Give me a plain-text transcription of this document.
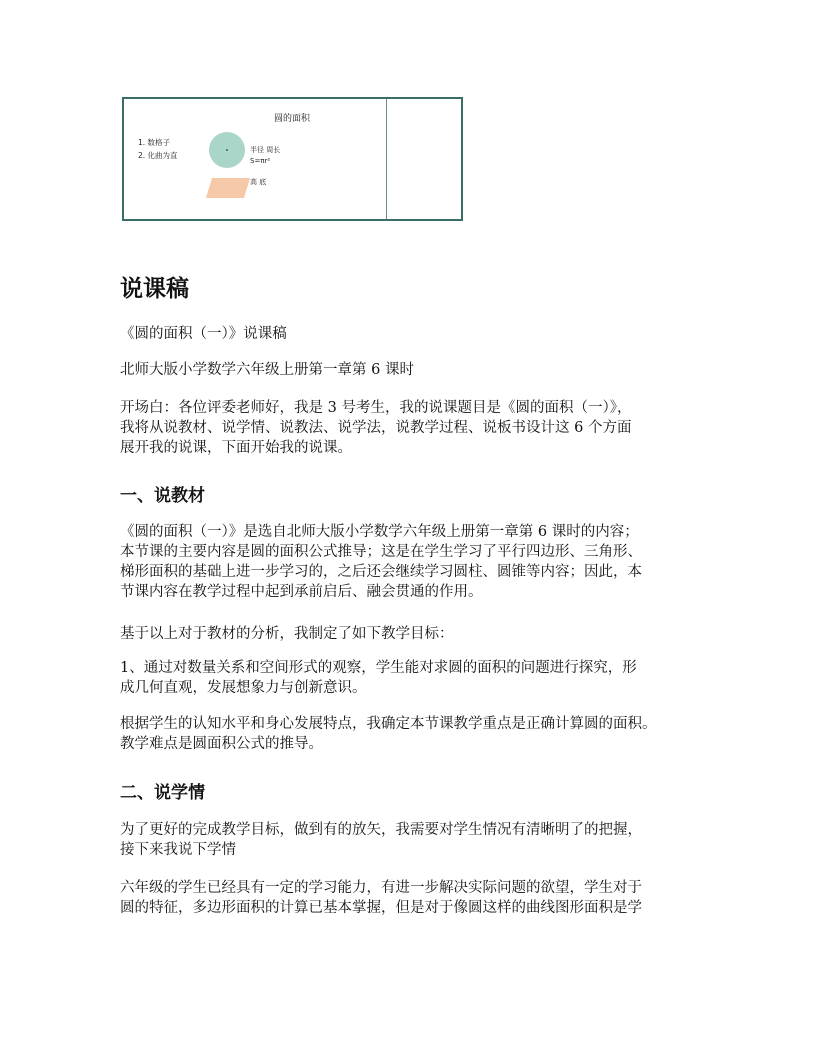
圆的面积
1. 数格子
2. 化曲为直
半径 周长
S=πr²
高 底
说课稿
《圆的面积（一）》说课稿
北师大版小学数学六年级上册第一章第 6 课时
开场白：各位评委老师好，我是 3 号考生，我的说课题目是《圆的面积（一）》，
我将从说教材、说学情、说教法、说学法，说教学过程、说板书设计这 6 个方面
展开我的说课，下面开始我的说课。
一、说教材
《圆的面积（一）》是选自北师大版小学数学六年级上册第一章第 6 课时的内容；
本节课的主要内容是圆的面积公式推导；这是在学生学习了平行四边形、三角形、
梯形面积的基础上进一步学习的，之后还会继续学习圆柱、圆锥等内容；因此，本
节课内容在教学过程中起到承前启后、融会贯通的作用。
基于以上对于教材的分析，我制定了如下教学目标：
1、通过对数量关系和空间形式的观察，学生能对求圆的面积的问题进行探究，形
成几何直观，发展想象力与创新意识。
根据学生的认知水平和身心发展特点，我确定本节课教学重点是正确计算圆的面积。
教学难点是圆面积公式的推导。
二、说学情
为了更好的完成教学目标，做到有的放矢，我需要对学生情况有清晰明了的把握，
接下来我说下学情
六年级的学生已经具有一定的学习能力，有进一步解决实际问题的欲望，学生对于
圆的特征，多边形面积的计算已基本掌握，但是对于像圆这样的曲线图形面积是学
